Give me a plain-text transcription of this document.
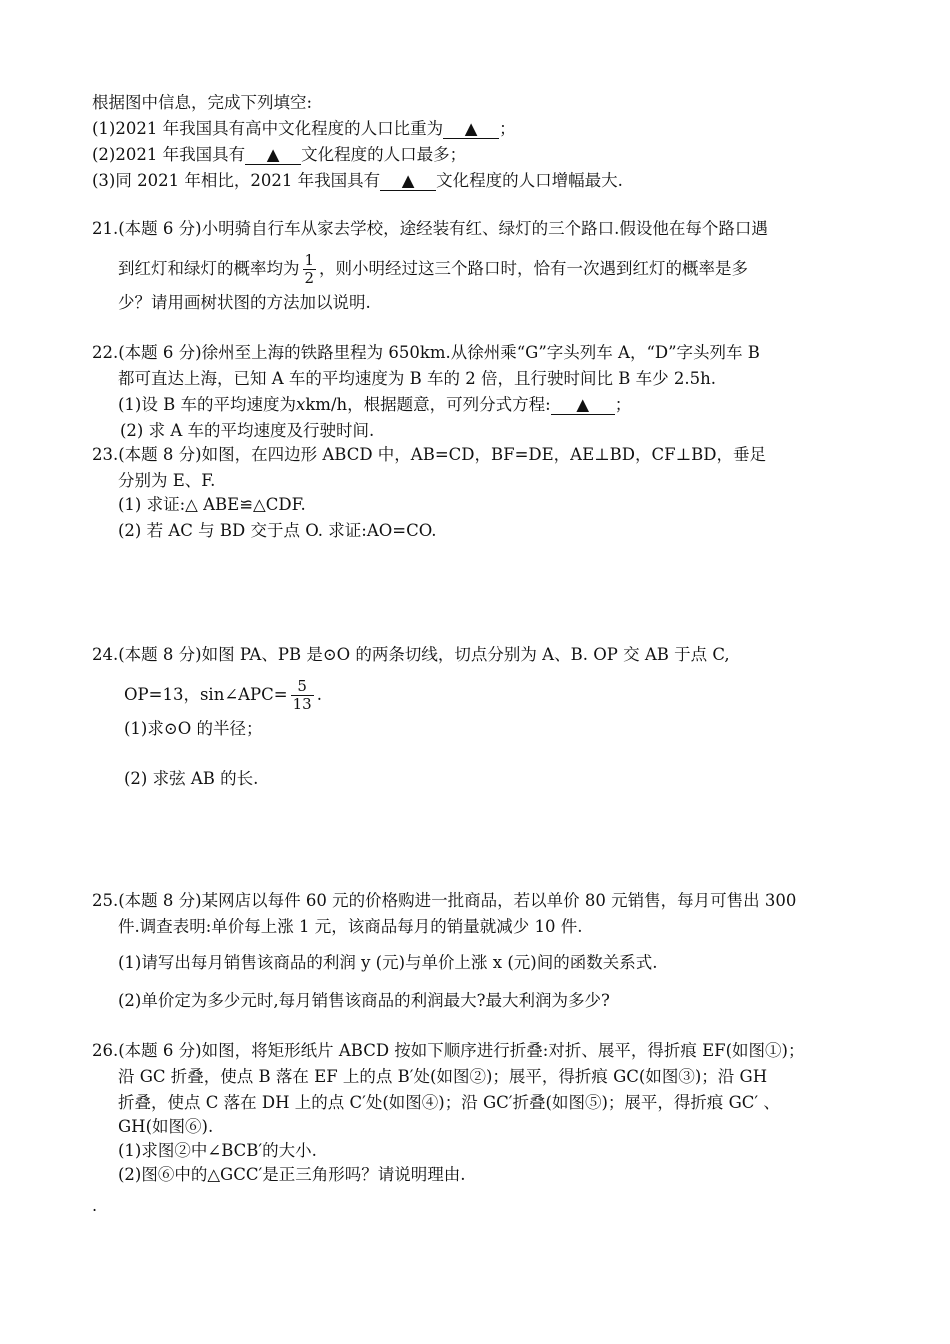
根据图中信息，完成下列填空:
(1)2021 年我国具有高中文化程度的人口比重为 ▲ ；
(2)2021 年我国具有 ▲ 文化程度的人口最多；
(3)同 2021 年相比，2021 年我国具有 ▲ 文化程度的人口增幅最大.
21.(本题 6 分)小明骑自行车从家去学校，途经装有红、绿灯的三个路口.假设他在每个路口遇
到红灯和绿灯的概率均为 $\frac{1}{2}$ ，则小明经过这三个路口时，恰有一次遇到红灯的概率是多
少？请用画树状图的方法加以说明.
22.(本题 6 分)徐州至上海的铁路里程为 650km.从徐州乘“G”字头列车 A，“D”字头列车 B
都可直达上海，已知 A 车的平均速度为 B 车的 2 倍，且行驶时间比 B 车少 2.5h.
(1)设 B 车的平均速度为xkm/h，根据题意，可列分式方程: ▲ ；
(2) 求 A 车的平均速度及行驶时间.
23.(本题 8 分)如图，在四边形 ABCD 中，AB=CD，BF=DE，AE⊥BD，CF⊥BD，垂足
分别为 E、F.
(1) 求证:△ ABE≌△CDF.
(2) 若 AC 与 BD 交于点 O. 求证:AO=CO.
24.(本题 8 分)如图 PA、PB 是⊙O 的两条切线，切点分别为 A、B. OP 交 AB 于点 C,
OP=13，sin∠APC= $\frac{5}{13}$ .
(1)求⊙O 的半径；
(2) 求弦 AB 的长.
25.(本题 8 分)某网店以每件 60 元的价格购进一批商品，若以单价 80 元销售，每月可售出 300
件.调查表明:单价每上涨 1 元，该商品每月的销量就减少 10 件.
(1)请写出每月销售该商品的利润 y (元)与单价上涨 x (元)间的函数关系式.
(2)单价定为多少元时,每月销售该商品的利润最大?最大利润为多少?
26.(本题 6 分)如图，将矩形纸片 ABCD 按如下顺序进行折叠:对折、展平，得折痕 EF(如图①)；
沿 GC 折叠，使点 B 落在 EF 上的点 B′处(如图②)；展平，得折痕 GC(如图③)；沿 GH
折叠，使点 C 落在 DH 上的点 C′处(如图④)；沿 GC′折叠(如图⑤)；展平，得折痕 GC′ 、
GH(如图⑥).
(1)求图②中∠BCB′的大小.
(2)图⑥中的△GCC′是正三角形吗？请说明理由.
.
